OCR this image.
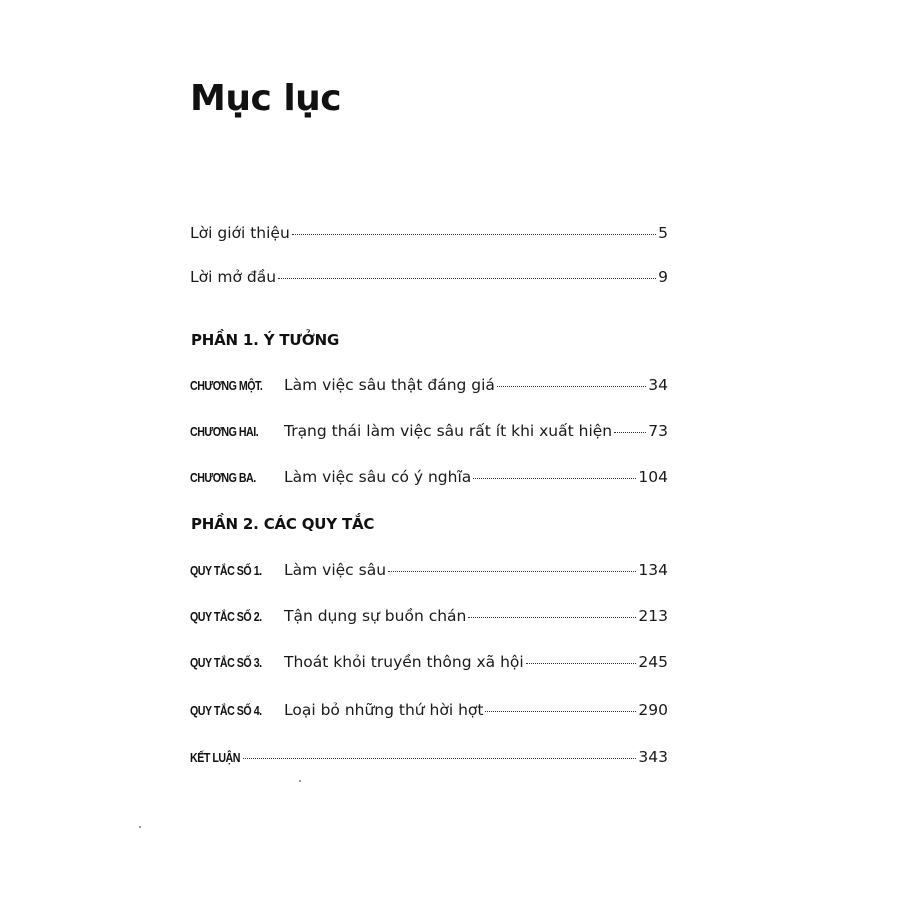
Mục lục
Lời giới thiệu	5
Lời mở đầu	9
PHẦN 1. Ý TƯỞNG
CHƯƠNG MỘT.	Làm việc sâu thật đáng giá	34
CHƯƠNG HAI.	Trạng thái làm việc sâu rất ít khi xuất hiện 73
CHƯƠNG BA.	Làm việc sâu có ý nghĩa	104
PHẦN 2. CÁC QUY TẮC
QUY TẮC SỐ 1.	Làm việc sâu	134
QUY TẮC SỐ 2.	Tận dụng sự buồn chán	213
QUY TẮC SỐ 3.	Thoát khỏi truyền thông xã hội	245
QUY TẮC SỐ 4.	Loại bỏ những thứ hời hợt	290
KẾT LUẬN	343
